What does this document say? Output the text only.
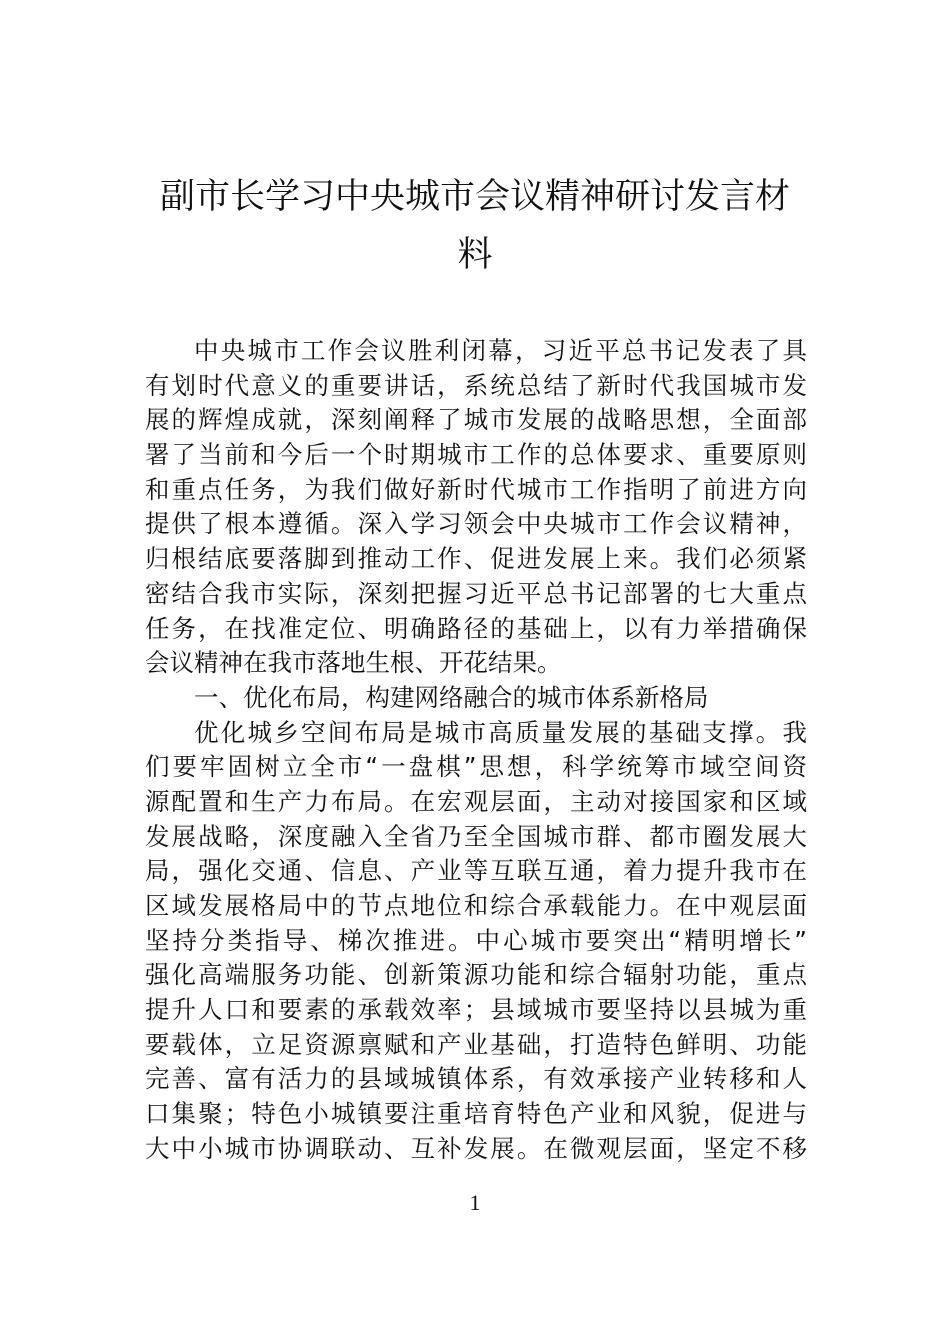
副市长学习中央城市会议精神研讨发言材
料
中央城市工作会议胜利闭幕，习近平总书记发表了具
有划时代意义的重要讲话，系统总结了新时代我国城市发
展的辉煌成就，深刻阐释了城市发展的战略思想，全面部
署了当前和今后一个时期城市工作的总体要求、重要原则
和重点任务，为我们做好新时代城市工作指明了前进方向
提供了根本遵循。深入学习领会中央城市工作会议精神，
归根结底要落脚到推动工作、促进发展上来。我们必须紧
密结合我市实际，深刻把握习近平总书记部署的七大重点
任务，在找准定位、明确路径的基础上，以有力举措确保
会议精神在我市落地生根、开花结果。
一、优化布局，构建网络融合的城市体系新格局
优化城乡空间布局是城市高质量发展的基础支撑。我
们要牢固树立全市“一盘棋”思想，科学统筹市域空间资
源配置和生产力布局。在宏观层面，主动对接国家和区域
发展战略，深度融入全省乃至全国城市群、都市圈发展大
局，强化交通、信息、产业等互联互通，着力提升我市在
区域发展格局中的节点地位和综合承载能力。在中观层面
坚持分类指导、梯次推进。中心城市要突出“精明增长”
强化高端服务功能、创新策源功能和综合辐射功能，重点
提升人口和要素的承载效率；县域城市要坚持以县城为重
要载体，立足资源禀赋和产业基础，打造特色鲜明、功能
完善、富有活力的县域城镇体系，有效承接产业转移和人
口集聚；特色小城镇要注重培育特色产业和风貌，促进与
大中小城市协调联动、互补发展。在微观层面，坚定不移
1
